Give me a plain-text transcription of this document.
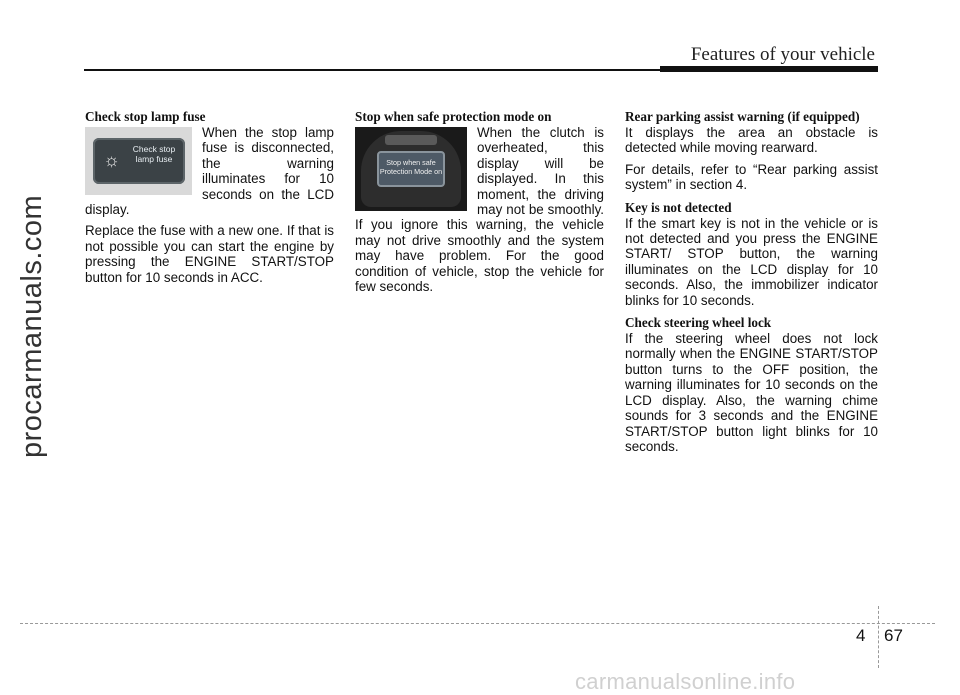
Features of your vehicle
procarmanuals.com

Check stop lamp fuse

☼
Check stop lamp fuse

When the stop lamp fuse is disconnected, the warning illuminates for 10 seconds on the LCD display.

Replace the fuse with a new one. If that is not possible you can start the engine by pressing the ENGINE START/STOP button for 10 seconds in ACC.

Stop when safe protection mode on

Stop when safe Protection Mode on

When the clutch is overheated, this display will be displayed. In this moment, the driving may not be smoothly. If you ignore this warning, the vehicle may not drive smoothly and the system may have problem. For the good condition of vehicle, stop the vehicle for few seconds.

Rear parking assist warning (if equipped)

It displays the area an obstacle is detected while moving rearward.

For details, refer to “Rear parking assist system” in section 4.

Key is not detected

If the smart key is not in the vehicle or is not detected and you press the ENGINE START/ STOP button, the warning illuminates on the LCD display for 10 seconds. Also, the immobilizer indicator blinks for 10 seconds.

Check steering wheel lock

If the steering wheel does not lock normally when the ENGINE START/STOP button turns to the OFF position, the warning illuminates for 10 seconds on the LCD display. Also, the warning chime sounds for 3 seconds and the ENGINE START/STOP button light blinks for 10 seconds.

4 67
carmanualsonline.info
